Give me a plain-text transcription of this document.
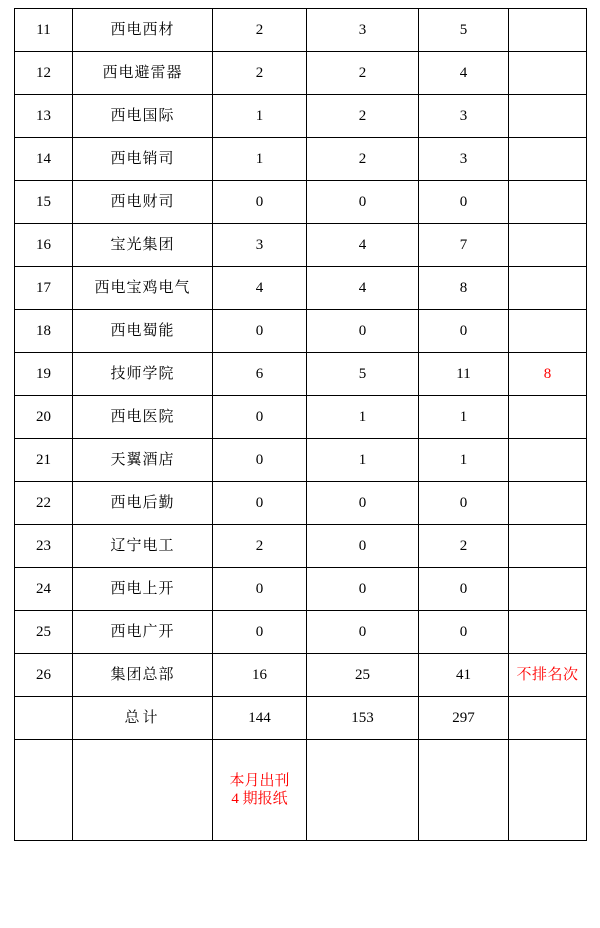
11	西电西材	2	3	5	
12	西电避雷器	2	2	4	
13	西电国际	1	2	3	
14	西电销司	1	2	3	
15	西电财司	0	0	0	
16	宝光集团	3	4	7	
17	西电宝鸡电气	4	4	8	
18	西电蜀能	0	0	0	
19	技师学院	6	5	11	8
20	西电医院	0	1	1	
21	天翼酒店	0	1	1	
22	西电后勤	0	0	0	
23	辽宁电工	2	0	2	
24	西电上开	0	0	0	
25	西电广开	0	0	0	
26	集团总部	16	25	41	不排名次
	总计	144	153	297	

		本月出刊
4 期报纸			
